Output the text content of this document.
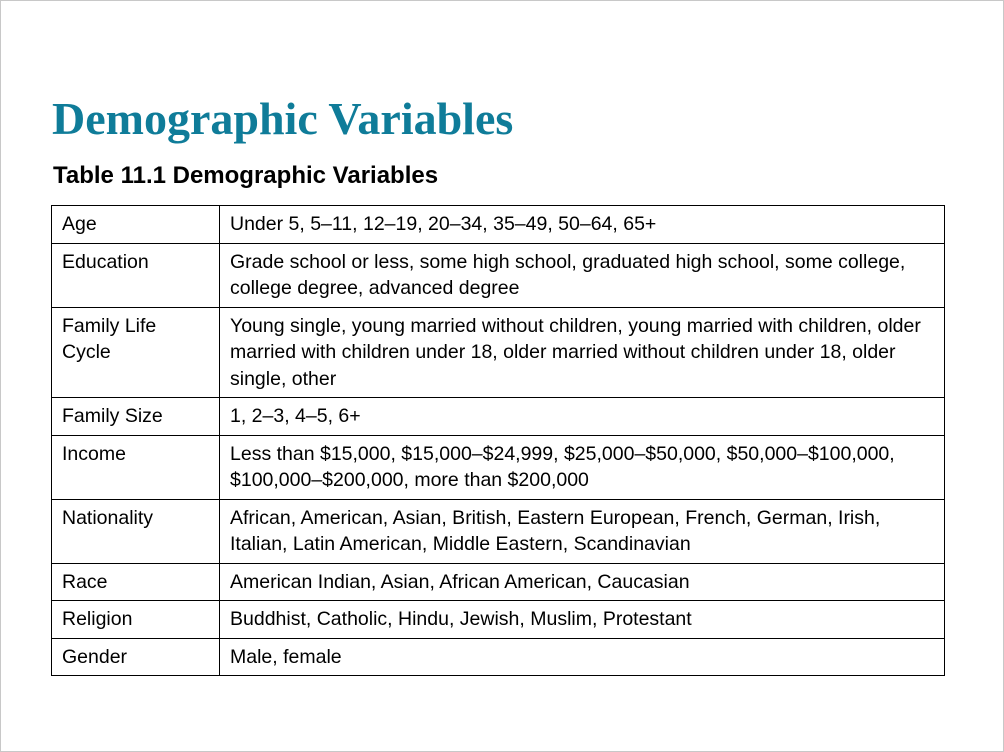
Demographic Variables
Table 11.1 Demographic Variables
Age	Under 5, 5–11, 12–19, 20–34, 35–49, 50–64, 65+
Education	Grade school or less, some high school, graduated high school, some college, college degree, advanced degree
Family Life Cycle	Young single, young married without children, young married with children, older married with children under 18, older married without children under 18, older single, other
Family Size	1, 2–3, 4–5, 6+
Income	Less than $15,000, $15,000–$24,999, $25,000–$50,000, $50,000–$100,000, $100,000–$200,000, more than $200,000
Nationality	African, American, Asian, British, Eastern European, French, German, Irish, Italian, Latin American, Middle Eastern, Scandinavian
Race	American Indian, Asian, African American, Caucasian
Religion	Buddhist, Catholic, Hindu, Jewish, Muslim, Protestant
Gender	Male, female
